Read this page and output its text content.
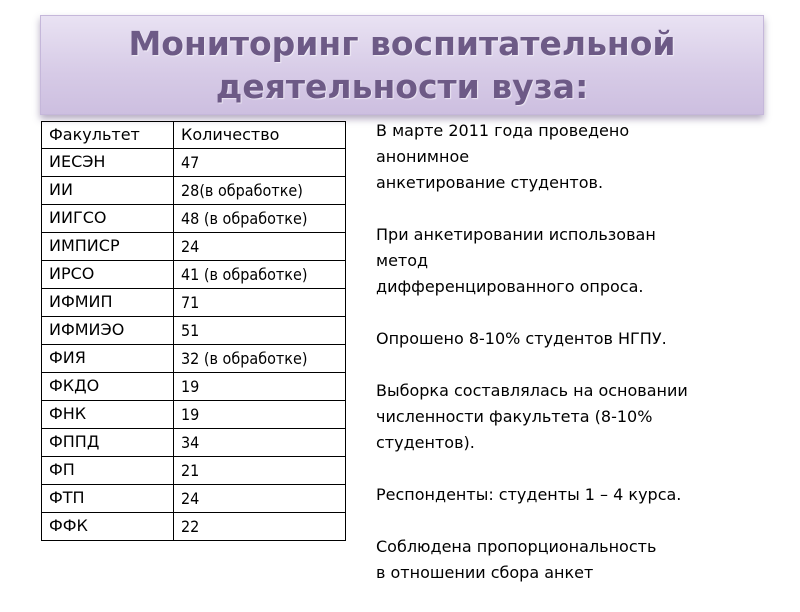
Мониторинг воспитательной деятельности вуза:
Факультет	Количество
ИЕСЭН	47
ИИ	28(в обработке)
ИИГСО	48 (в обработке)
ИМПИСР	24
ИРСО	41 (в обработке)
ИФМИП	71
ИФМИЭО	51
ФИЯ	32 (в обработке)
ФКДО	19
ФНК	19
ФППД	34
ФП	21
ФТП	24
ФФК	22

В марте 2011 года проведено
анонимное
анкетирование студентов.

При анкетировании использован
метод
дифференцированного опроса.

Опрошено 8-10% студентов НГПУ.

Выборка составлялась на основании
численности факультета (8-10%
студентов).

Респонденты: студенты 1 – 4 курса.

Соблюдена пропорциональность
в отношении сбора анкет
